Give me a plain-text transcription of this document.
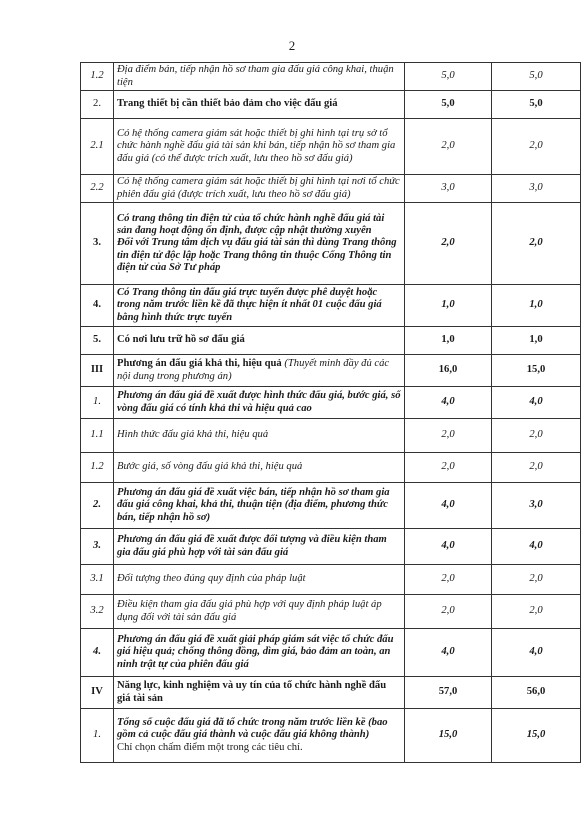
2
1.2	Địa điểm bán, tiếp nhận hồ sơ tham gia đấu giá công khai, thuận tiện	5,0	5,0
2.	Trang thiết bị cần thiết bảo đảm cho việc đấu giá	5,0	5,0
2.1	Có hệ thống camera giám sát hoặc thiết bị ghi hình tại trụ sở tổ chức hành nghề đấu giá tài sản khi bán, tiếp nhận hồ sơ tham gia đấu giá (có thể được trích xuất, lưu theo hồ sơ đấu giá)	2,0	2,0
2.2	Có hệ thống camera giám sát hoặc thiết bị ghi hình tại nơi tổ chức phiên đấu giá (được trích xuất, lưu theo hồ sơ đấu giá)	3,0	3,0
3.	Có trang thông tin điện tử của tổ chức hành nghề đấu giá tài sản đang hoạt động ổn định, được cập nhật thường xuyên
Đối với Trung tâm dịch vụ đấu giá tài sản thì dùng Trang thông tin điện tử độc lập hoặc Trang thông tin thuộc Cổng Thông tin điện tử của Sở Tư pháp	2,0	2,0
4.	Có Trang thông tin đấu giá trực tuyến được phê duyệt hoặc trong năm trước liền kề đã thực hiện ít nhất 01 cuộc đấu giá bằng hình thức trực tuyến	1,0	1,0
5.	Có nơi lưu trữ hồ sơ đấu giá	1,0	1,0
III	Phương án đấu giá khả thi, hiệu quả (Thuyết minh đầy đủ các nội dung trong phương án)	16,0	15,0
1.	Phương án đấu giá đề xuất được hình thức đấu giá, bước giá, số vòng đấu giá có tính khả thi và hiệu quả cao	4,0	4,0
1.1	Hình thức đấu giá khả thi, hiệu quả	2,0	2,0
1.2	Bước giá, số vòng đấu giá khả thi, hiệu quả	2,0	2,0
2.	Phương án đấu giá đề xuất việc bán, tiếp nhận hồ sơ tham gia đấu giá công khai, khả thi, thuận tiện (địa điểm, phương thức bán, tiếp nhận hồ sơ)	4,0	3,0
3.	Phương án đấu giá đề xuất được đối tượng và điều kiện tham gia đấu giá phù hợp với tài sản đấu giá	4,0	4,0
3.1	Đối tượng theo đúng quy định của pháp luật	2,0	2,0
3.2	Điều kiện tham gia đấu giá phù hợp với quy định pháp luật áp dụng đối với tài sản đấu giá	2,0	2,0
4.	Phương án đấu giá đề xuất giải pháp giám sát việc tổ chức đấu giá hiệu quả; chống thông đồng, dìm giá, bảo đảm an toàn, an ninh trật tự của phiên đấu giá	4,0	4,0
IV	Năng lực, kinh nghiệm và uy tín của tổ chức hành nghề đấu giá tài sản	57,0	56,0
1.	Tổng số cuộc đấu giá đã tổ chức trong năm trước liền kề (bao gồm cả cuộc đấu giá thành và cuộc đấu giá không thành)
Chỉ chọn chấm điểm một trong các tiêu chí.	15,0	15,0
